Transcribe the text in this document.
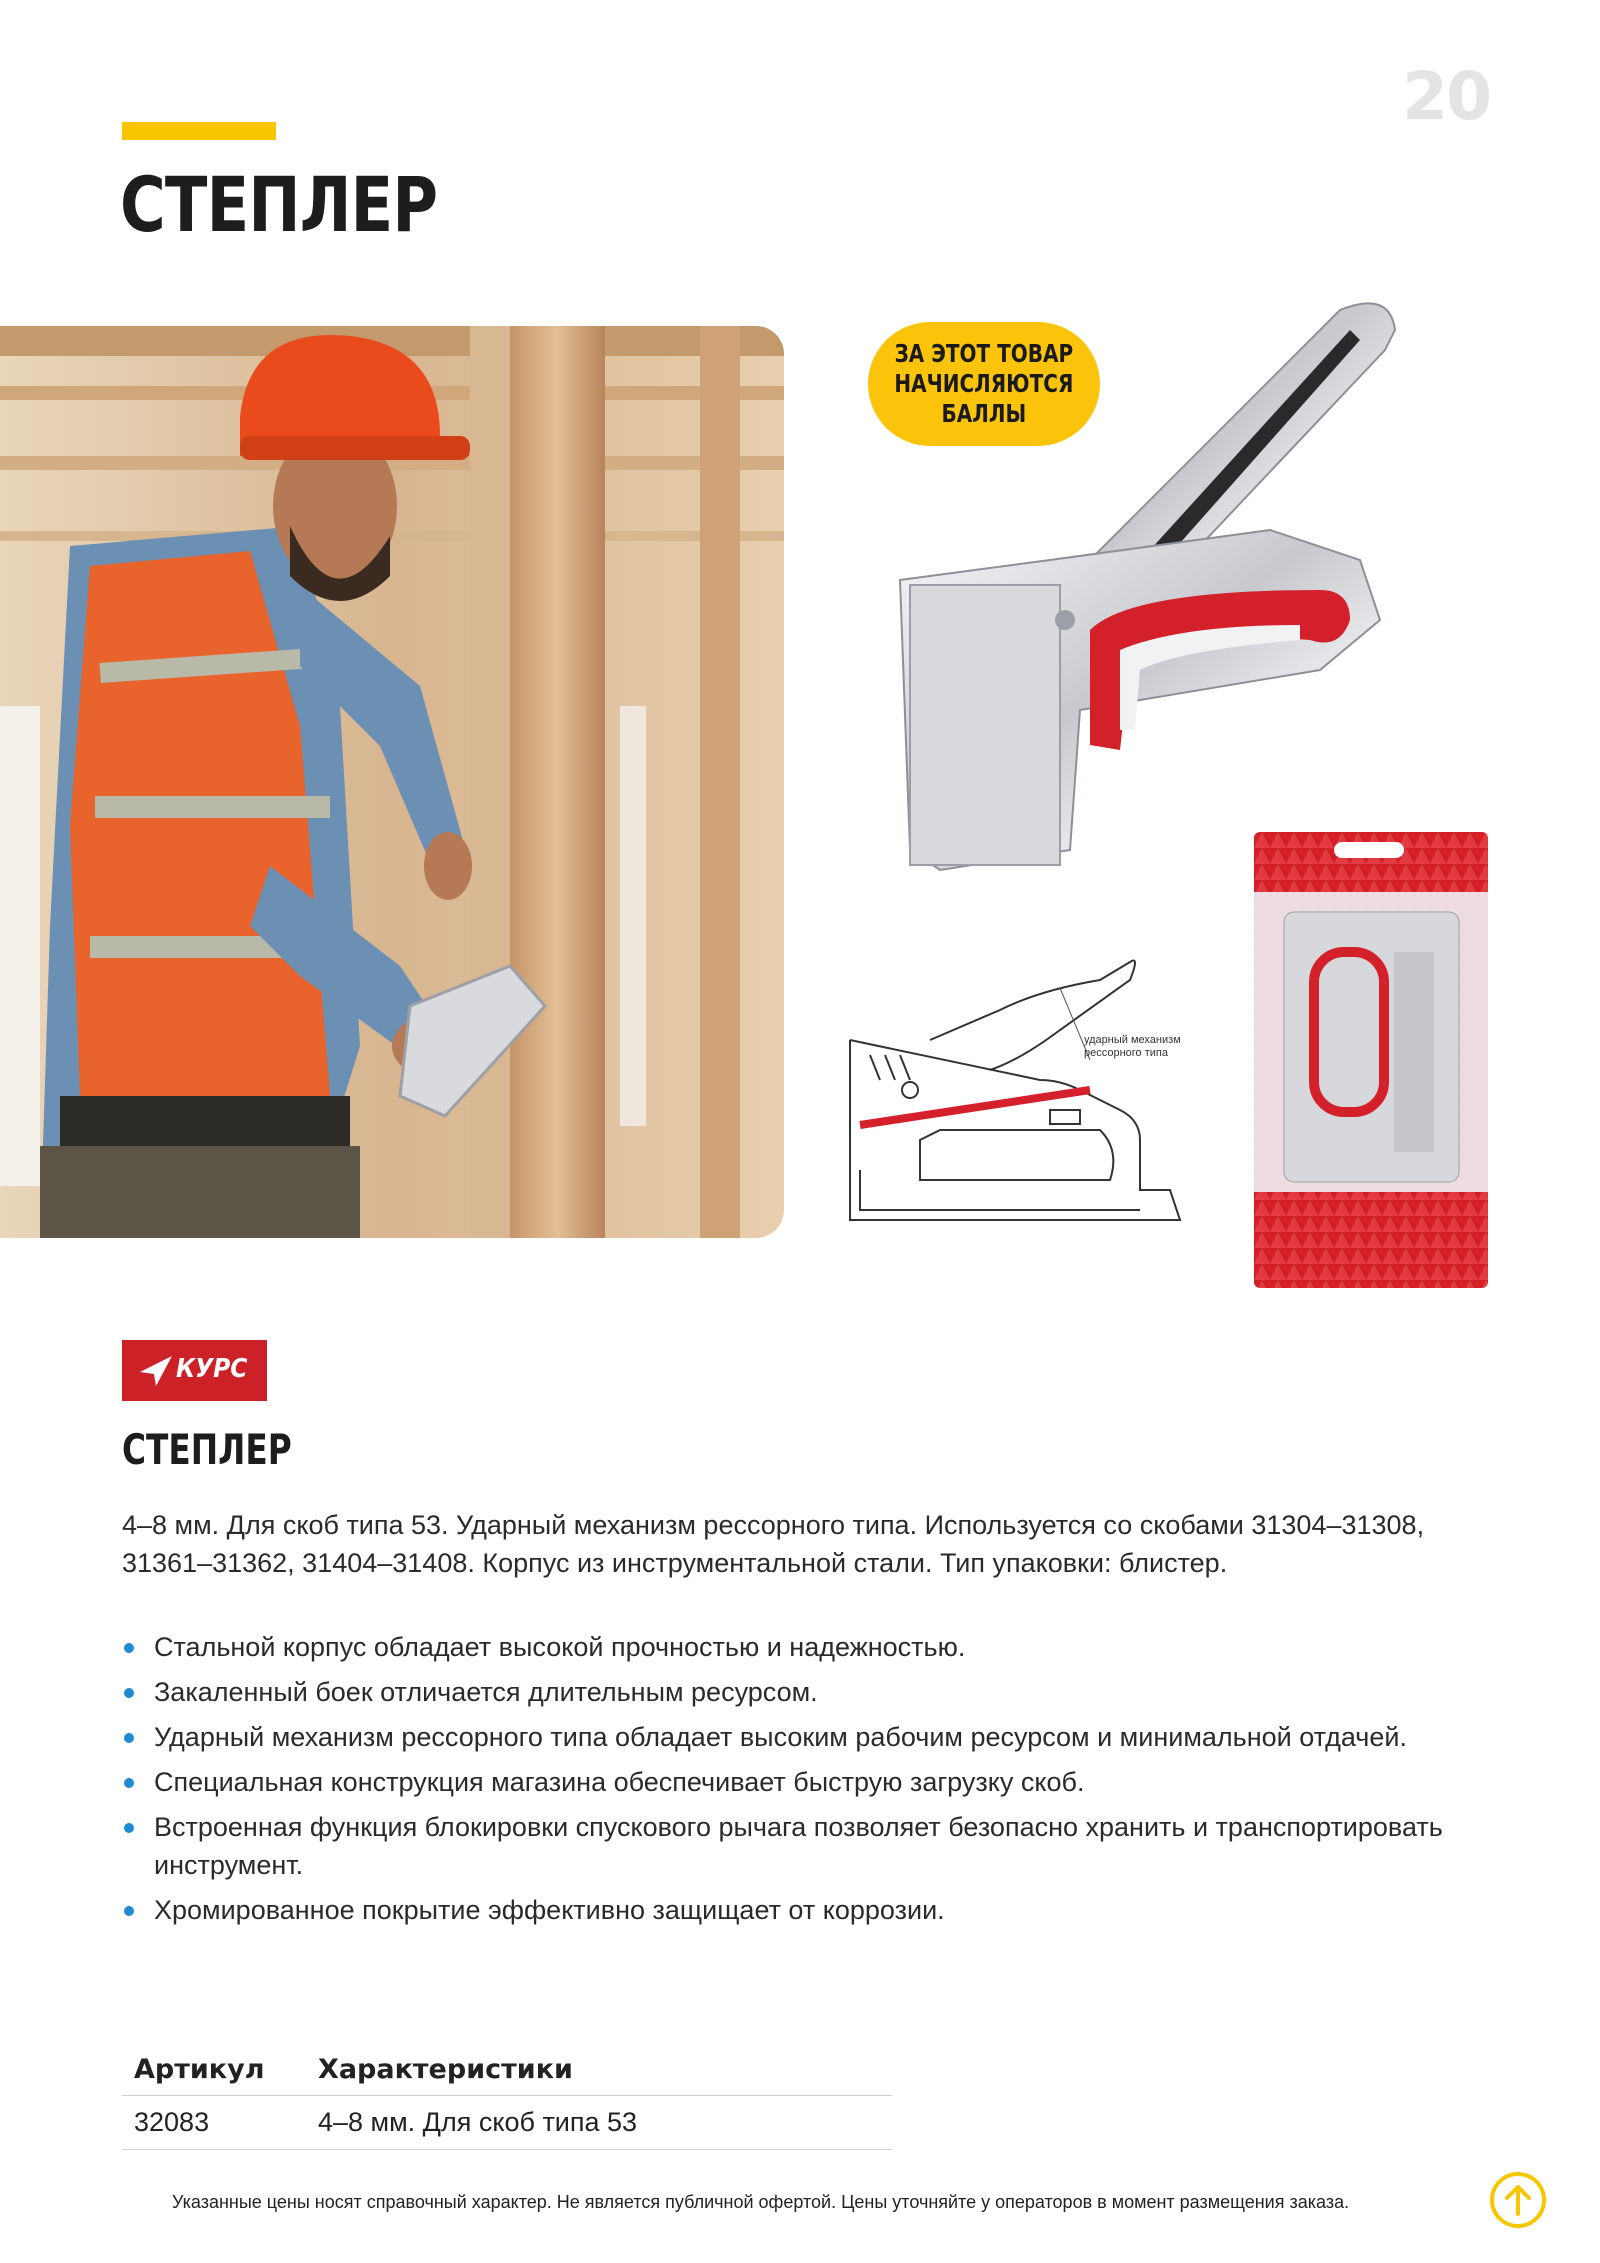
20
СТЕПЛЕР
ЗА ЭТОТ ТОВАР
НАЧИСЛЯЮТСЯ
БАЛЛЫ
ударный механизм рессорного типа
КУРС
СТЕПЛЕР
4–8 мм. Для скоб типа 53. Ударный механизм рессорного типа. Используется со скобами 31304–31308, 31361–31362, 31404–31408. Корпус из инструментальной стали. Тип упаковки: блистер.
Стальной корпус обладает высокой прочностью и надежностью.
Закаленный боек отличается длительным ресурсом.
Ударный механизм рессорного типа обладает высоким рабочим ресурсом и минимальной отдачей.
Специальная конструкция магазина обеспечивает быструю загрузку скоб.
Встроенная функция блокировки спускового рычага позволяет безопасно хранить и транспортировать инструмент.
Хромированное покрытие эффективно защищает от коррозии.
Артикул	Характеристики
32083	4–8 мм. Для скоб типа 53
Указанные цены носят справочный характер. Не является публичной офертой. Цены уточняйте у операторов в момент размещения заказа.
